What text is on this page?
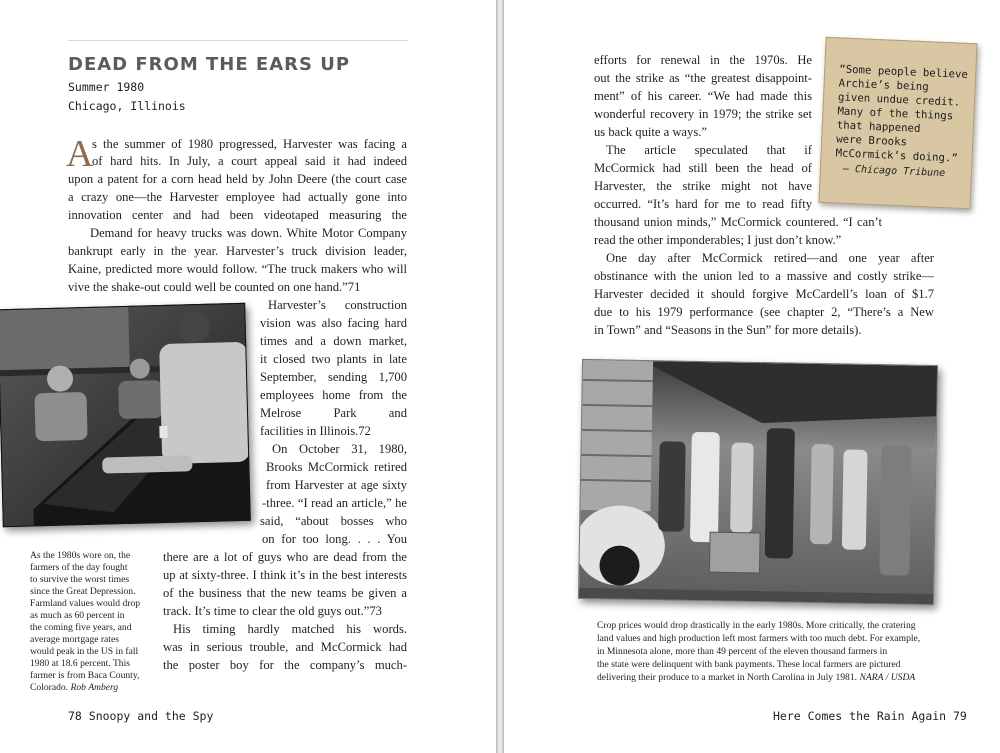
DEAD FROM THE EARS UP
Summer 1980
Chicago, Illinois
A
s the summer of 1980 progressed, Harvester was facing a
of hard hits. In July, a court appeal said it had indeed
upon a patent for a corn head held by John Deere (the court case
a crazy one—the Harvester employee had actually gone into
innovation center and had been videotaped measuring the
Demand for heavy trucks was down. White Motor Company
bankrupt early in the year. Harvester’s truck division leader,
Kaine, predicted more would follow. “The truck makers who will
vive the shake-out could well be counted on one hand.”71
Harvester’s construction
vision was also facing hard
times and a down market,
it closed two plants in late
September, sending 1,700
employees home from the
Melrose Park and
facilities in Illinois.72
On October 31, 1980,
Brooks McCormick retired
from Harvester at age sixty
-three. “I read an article,” he
said, “about bosses who
on for too long. . . . You
there are a lot of guys who are dead from the
up at sixty-three. I think it’s in the best interests
of the business that the new teams be given a
track. It’s time to clear the old guys out.”73
His timing hardly matched his words.
was in serious trouble, and McCormick had
the poster boy for the company’s much-
As the 1980s wore on, the
farmers of the day fought
to survive the worst times
since the Great Depression.
Farmland values would drop
as much as 60 percent in
the coming five years, and
average mortgage rates
would peak in the US in fall
1980 at 18.6 percent. This
farmer is from Baca County,
Colorado. Rob Amberg
78 Snoopy and the Spy
efforts for renewal in the 1970s. He
out the strike as “the greatest disappoint-
ment” of his career. “We had made this
wonderful recovery in 1979; the strike set
us back quite a ways.”
The article speculated that if
McCormick had still been the head of
Harvester, the strike might not have
occurred. “It’s hard for me to read fifty
thousand union minds,” McCormick countered. “I can’t
read the other imponderables; I just don’t know.”
One day after McCormick retired—and one year after
obstinance with the union led to a massive and costly strike—
Harvester decided it should forgive McCardell’s loan of $1.7
due to his 1979 performance (see chapter 2, “There’s a New
in Town” and “Seasons in the Sun” for more details).
“Some people believe
Archie’s being
given undue credit.
Many of the things
that happened
were Brooks
McCormick’s doing.”
– Chicago Tribune
Crop prices would drop drastically in the early 1980s. More critically, the cratering
land values and high production left most farmers with too much debt. For example,
in Minnesota alone, more than 49 percent of the eleven thousand farmers in
the state were delinquent with bank payments. These local farmers are pictured
delivering their produce to a market in North Carolina in July 1981. NARA / USDA
Here Comes the Rain Again 79
